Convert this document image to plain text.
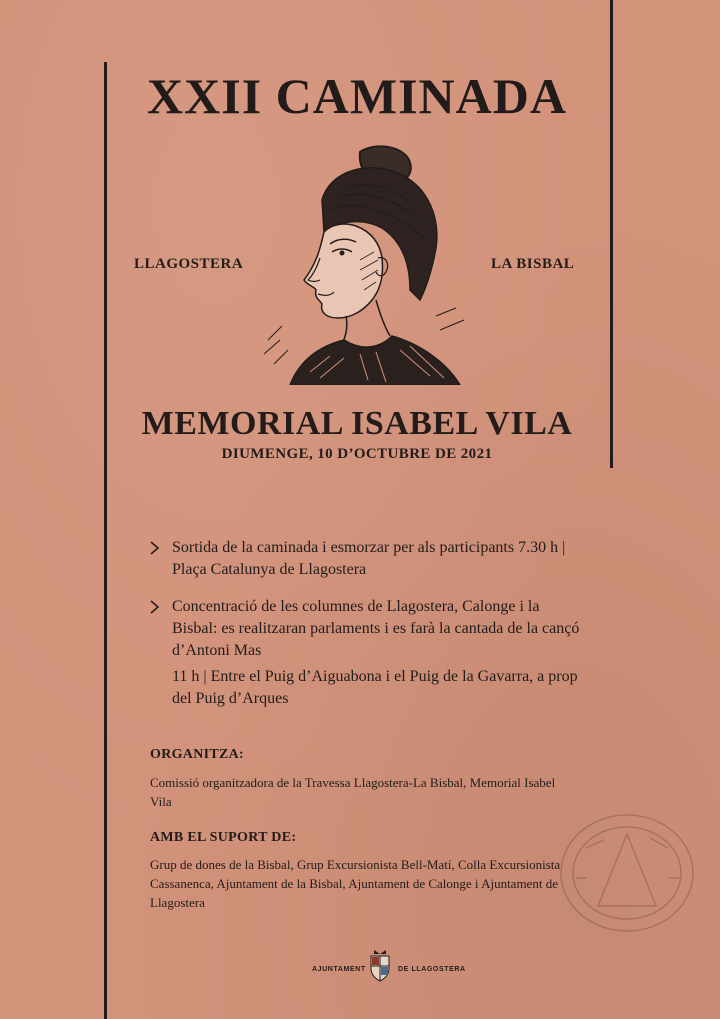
XXII CAMINADA
LLAGOSTERA	LA BISBAL
MEMORIAL ISABEL VILA
DIUMENGE, 10 D’OCTUBRE DE 2021
Sortida de la caminada i esmorzar per als participants 7.30 h | Plaça Catalunya de Llagostera
Concentració de les columnes de Llagostera, Calonge i la Bisbal: es realitzaran parlaments i es farà la cantada de la cançó d’Antoni Mas
11 h | Entre el Puig d’Aiguabona i el Puig de la Gavarra, a prop del Puig d’Arques
ORGANITZA:
Comissió organitzadora de la Travessa Llagostera-La Bisbal, Memorial Isabel Vila
AMB EL SUPORT DE:
Grup de dones de la Bisbal, Grup Excursionista Bell-Matí, Colla Excursionista Cassanenca, Ajuntament de la Bisbal, Ajuntament de Calonge i Ajuntament de Llagostera
AJUNTAMENT	DE LLAGOSTERA
